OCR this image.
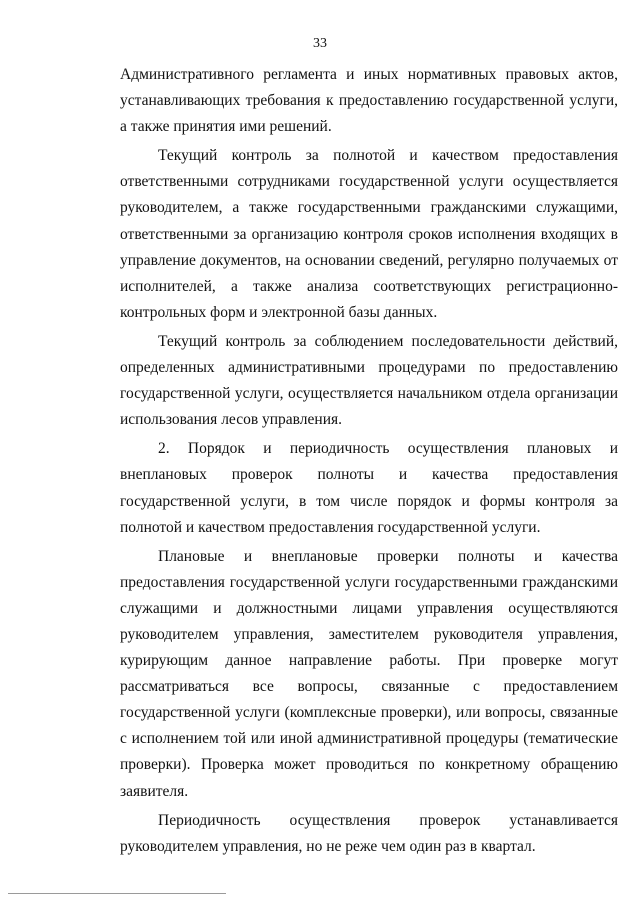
33

Административного регламента и иных нормативных правовых актов, устанавливающих требования к предоставлению государственной услуги, а также принятия ими решений.

Текущий контроль за полнотой и качеством предоставления ответственными сотрудниками государственной услуги осуществляется руководителем, а также государственными гражданскими служащими, ответственными за организацию контроля сроков исполнения входящих в управление документов, на основании сведений, регулярно получаемых от исполнителей, а также анализа соответствующих регистрационно-контрольных форм и электронной базы данных.

Текущий контроль за соблюдением последовательности действий, определенных административными процедурами по предоставлению государственной услуги, осуществляется начальником отдела организации использования лесов управления.

2. Порядок и периодичность осуществления плановых и внеплановых проверок полноты и качества предоставления государственной услуги, в том числе порядок и формы контроля за полнотой и качеством предоставления государственной услуги.

Плановые и внеплановые проверки полноты и качества предоставления государственной услуги государственными гражданскими служащими и должностными лицами управления осуществляются руководителем управления, заместителем руководителя управления, курирующим данное направление работы. При проверке могут рассматриваться все вопросы, связанные с предоставлением государственной услуги (комплексные проверки), или вопросы, связанные с исполнением той или иной административной процедуры (тематические проверки). Проверка может проводиться по конкретному обращению заявителя.

Периодичность осуществления проверок устанавливается руководителем управления, но не реже чем один раз в квартал.
